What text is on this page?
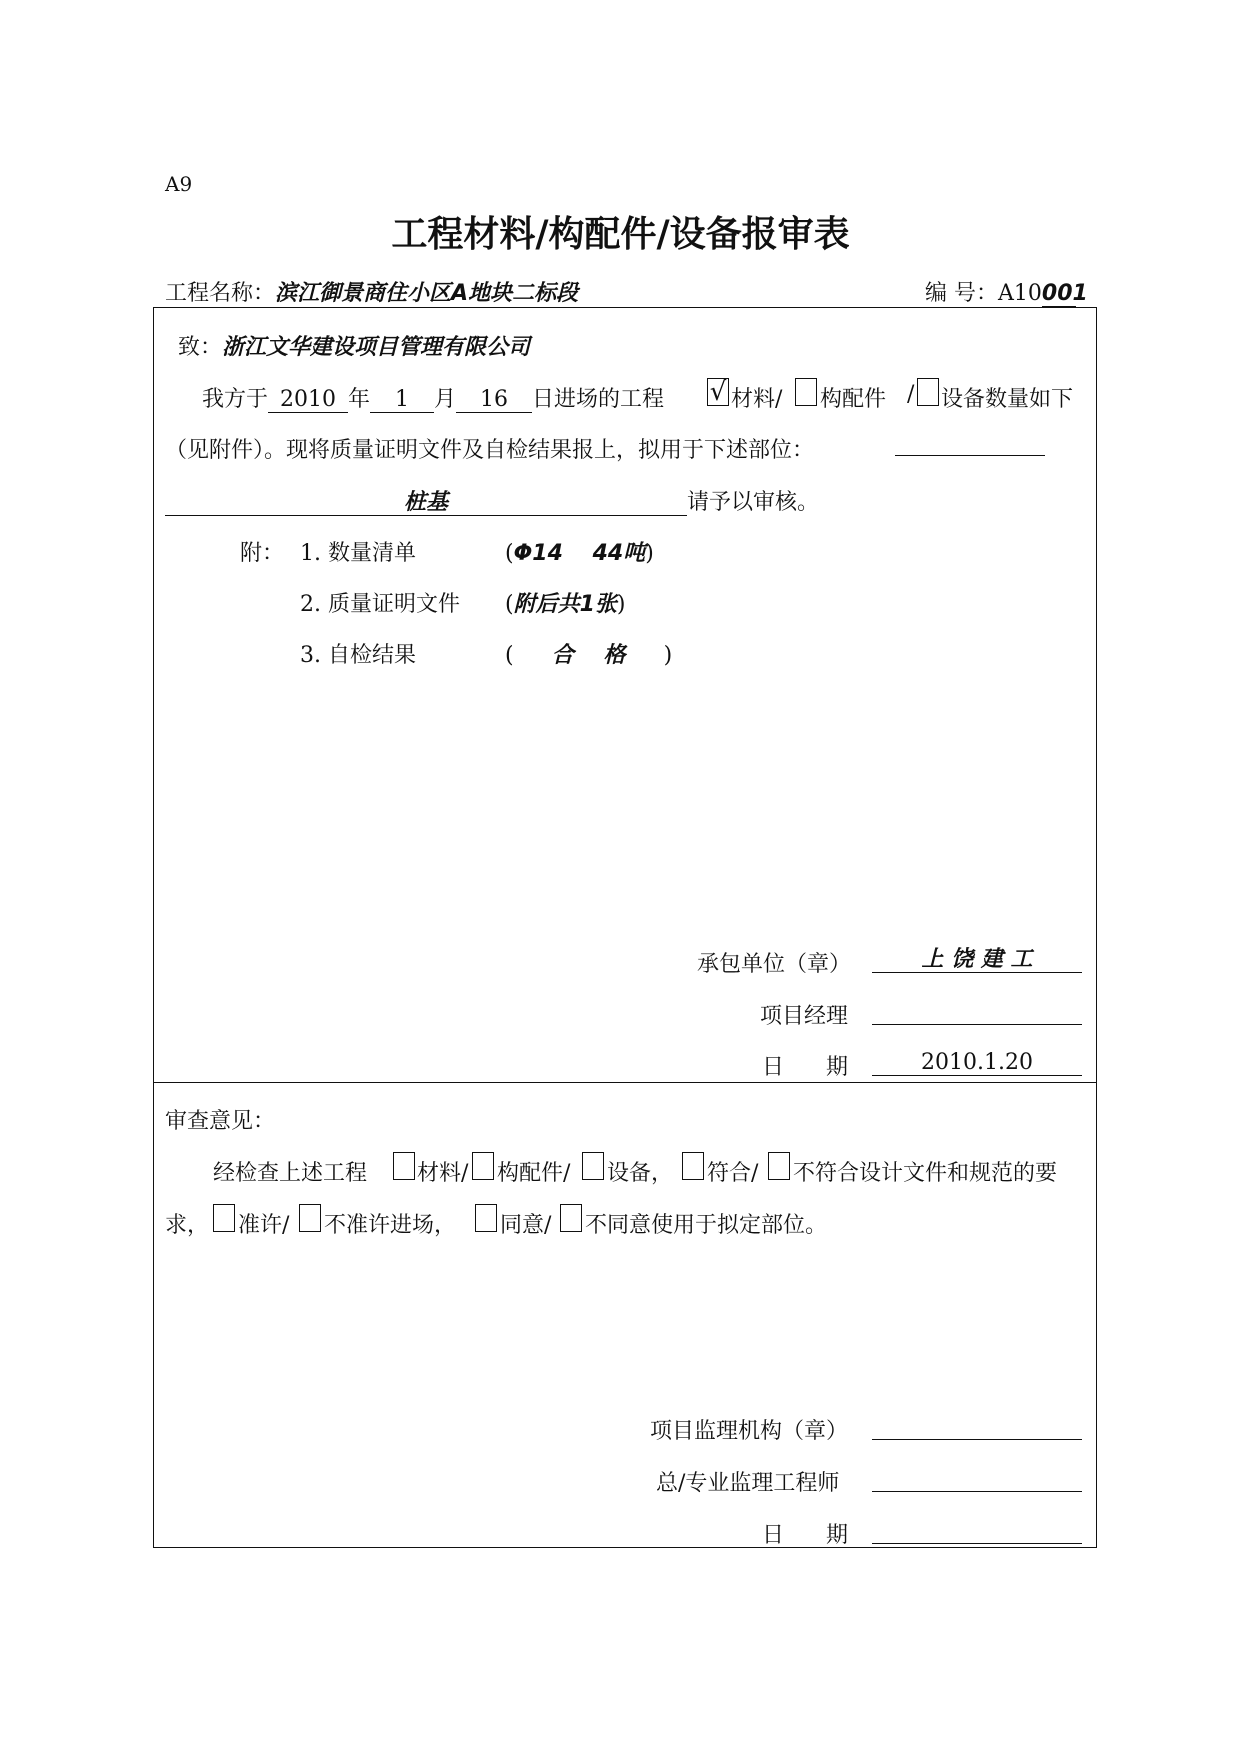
A9
工程材料/构配件/设备报审表
工程名称：滨江御景商住小区A地块二标段	编 号：A10001
致：浙江文华建设项目管理有限公司
我方于 2010 年 1 月 16 日进场的工程 √ 材料/ 构配件 / 设备数量如下
（见附件）。现将质量证明文件及自检结果报上，拟用于下述部位：
桩基	请予以审核。
附： 1. 数量清单	(Φ14　 44吨)
2. 质量证明文件 (附后共1张)
3. 自检结果	( 合　 格 )
承包单位（章）	上 饶 建 工
项目经理
日　期	2010.1.20
审查意见：
经检查上述工程 材料/ 构配件/ 设备， 符合/ 不符合设计文件和规范的要
求， 准许/ 不准许进场， 同意/ 不同意使用于拟定部位。
项目监理机构（章）
总/专业监理工程师
日　期
